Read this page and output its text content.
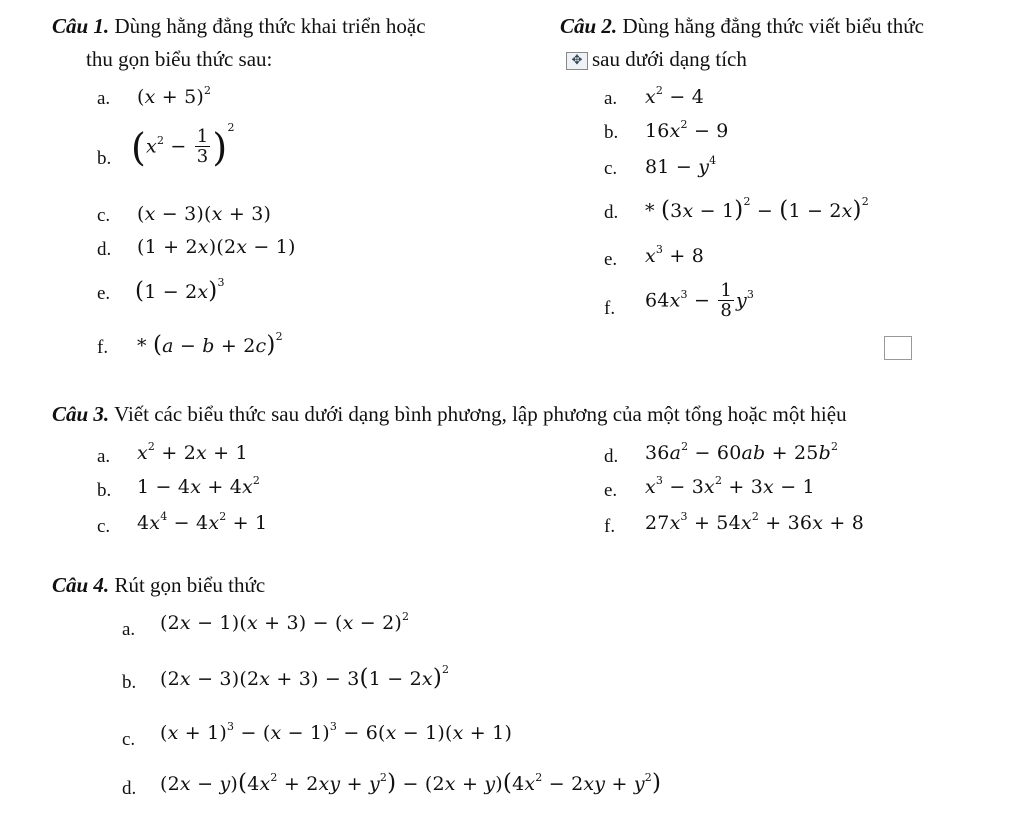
Câu 1. Dùng hằng đẳng thức khai triển hoặc
thu gọn biểu thức sau:
Câu 2. Dùng hằng đẳng thức viết biểu thức
✥ sau dưới dạng tích
a. $(x + 5)^2$
b. $(x^2 - \frac{1}{3} )^2$
c. (x − 3)(x + 3)
d. (1 + 2x)(2x − 1)
e. $(1 - 2x)^3$
f. * $(a - b + 2c)^2$
a. $x^2 - 4$
b. $16x^2 - 9$
c. $81 - y^4$
d. * $(3x - 1)^2 - (1 - 2x)^2$
e. $x^3 + 8$
f. $64x^3 - \frac{1}{8} y^3$
Câu 3. Viết các biểu thức sau dưới dạng bình phương, lập phương của một tổng hoặc một hiệu
a. $x^2 + 2x + 1$
b. $1 - 4x + 4x^2$
c. $4x^4 - 4x^2 + 1$
d. $36a^2 - 60ab + 25b^2$
e. $x^3 - 3x^2 + 3x - 1$
f. $27x^3 + 54x^2 + 36x + 8$
Câu 4. Rút gọn biểu thức
a. $(2x - 1)(x + 3) - (x - 2)^2$
b. $(2x - 3)(2x + 3) - 3(1 - 2x)^2$
c. $(x + 1)^3 - (x - 1)^3 - 6(x - 1)(x + 1)$
d. $(2x - y)(4x^2 + 2xy + y^2) - (2x + y)(4x^2 - 2xy + y^2)$
